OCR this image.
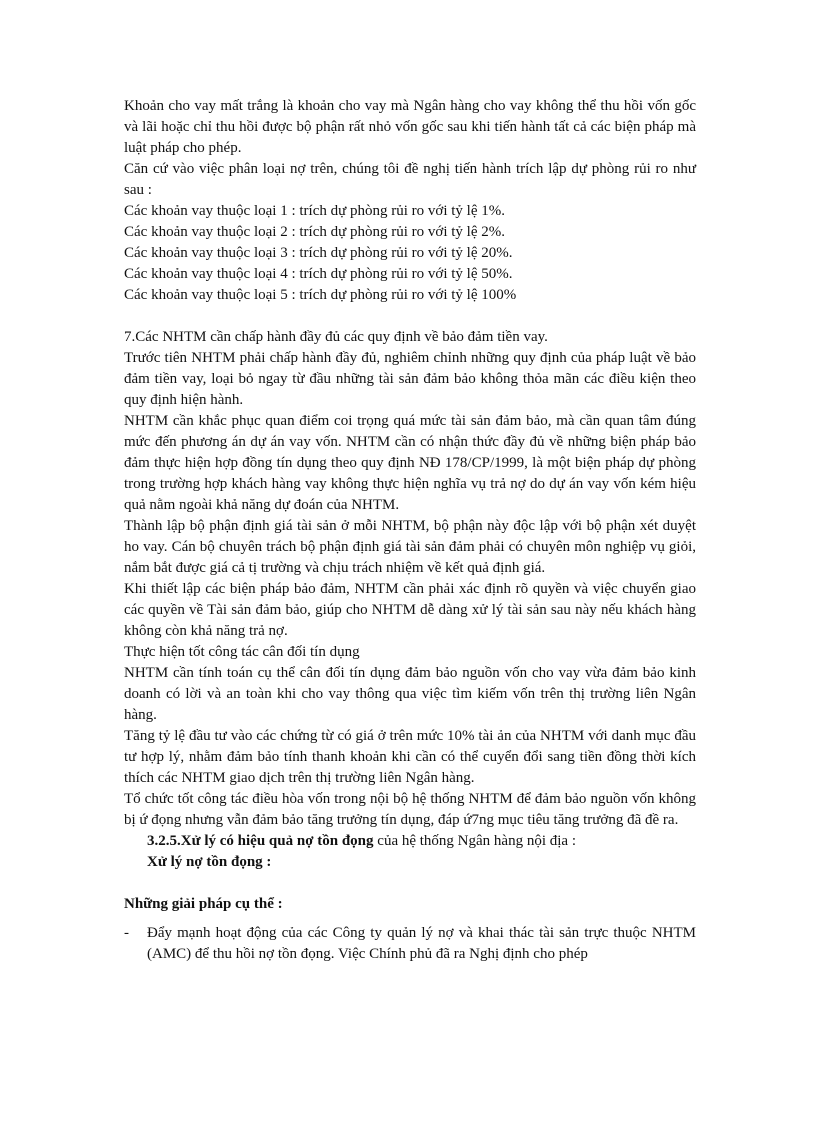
Khoản cho vay mất trắng là khoản cho vay mà Ngân hàng cho vay không thể thu hồi vốn gốc và lãi hoặc chỉ thu hồi được bộ phận rất nhỏ vốn gốc sau khi tiến hành tất cả các biện pháp mà luật pháp cho phép.

Căn cứ vào việc phân loại nợ trên, chúng tôi đề nghị tiến hành trích lập dự phòng rủi ro như sau :

Các khoản vay thuộc loại 1 : trích dự phòng rủi ro với tỷ lệ 1%.

Các khoản vay thuộc loại 2 : trích dự phòng rủi ro với tỷ lệ 2%.

Các khoản vay thuộc loại 3 : trích dự phòng rủi ro với tỷ lệ 20%.

Các khoản vay thuộc loại 4 : trích dự phòng rủi ro với tỷ lệ 50%.

Các khoản vay thuộc loại 5 : trích dự phòng rủi ro với tỷ lệ 100%

7.Các NHTM cần chấp hành đầy đủ các quy định về bảo đảm tiền vay.

Trước tiên NHTM phải chấp hành đầy đủ, nghiêm chỉnh những quy định của pháp luật về bảo đảm tiền vay, loại bỏ ngay từ đầu những tài sản đảm bảo không thỏa mãn các điều kiện theo quy định hiện hành.

NHTM cần khắc phục quan điểm coi trọng quá mức tài sản đảm bảo, mà cần quan tâm đúng mức đến phương án dự án vay vốn. NHTM cần có nhận thức đầy đủ về những biện pháp bảo đảm thực hiện hợp đồng tín dụng theo quy định NĐ 178/CP/1999, là một biện pháp dự phòng trong trường hợp khách hàng vay không thực hiện nghĩa vụ trả nợ do dự án vay vốn kém hiệu quả nằm ngoài khả năng dự đoán của NHTM.

Thành lập bộ phận định giá tài sản ở mỗi NHTM, bộ phận này độc lập với bộ phận xét duyệt ho vay. Cán bộ chuyên trách bộ phận định giá tài sản đảm phải có chuyên môn nghiệp vụ giỏi, nắm bắt được giá cả tị trường và chịu trách nhiệm về kết quả định giá.

Khi thiết lập các biện pháp bảo đảm, NHTM cần phải xác định rõ quyền và việc chuyển giao các quyền về Tài sản đảm bảo, giúp cho NHTM dễ dàng xử lý tài sản sau này nếu khách hàng không còn khả năng trả nợ.

Thực hiện tốt công tác cân đối tín dụng

NHTM cần tính toán cụ thể cân đối tín dụng đảm bảo nguồn vốn cho vay vừa đảm bảo kinh doanh có lời và an toàn khi cho vay thông qua việc tìm kiếm vốn trên thị trường liên Ngân hàng.

Tăng tỷ lệ đầu tư vào các chứng từ có giá ở trên mức 10% tài ản của NHTM với danh mục đầu tư hợp lý, nhằm đảm bảo tính thanh khoản khi cần có thể cuyển đổi sang tiền đồng thời kích thích các NHTM giao dịch trên thị trường liên Ngân hàng.

Tổ chức tốt công tác điều hòa vốn trong nội bộ hệ thống NHTM để đảm bảo nguồn vốn không bị ứ đọng nhưng vẫn đảm bảo tăng trưởng tín dụng, đáp ứ7ng mục tiêu tăng trưởng đã đề ra.

3.2.5.Xử lý có hiệu quả nợ tồn đọng của hệ thống Ngân hàng nội địa :

Xử lý nợ tồn đọng :

Những giải pháp cụ thể :

-	Đẩy mạnh hoạt động của các Công ty quản lý nợ và khai thác tài sản trực thuộc NHTM (AMC) để thu hồi nợ tồn đọng. Việc Chính phủ đã ra Nghị định cho phép
